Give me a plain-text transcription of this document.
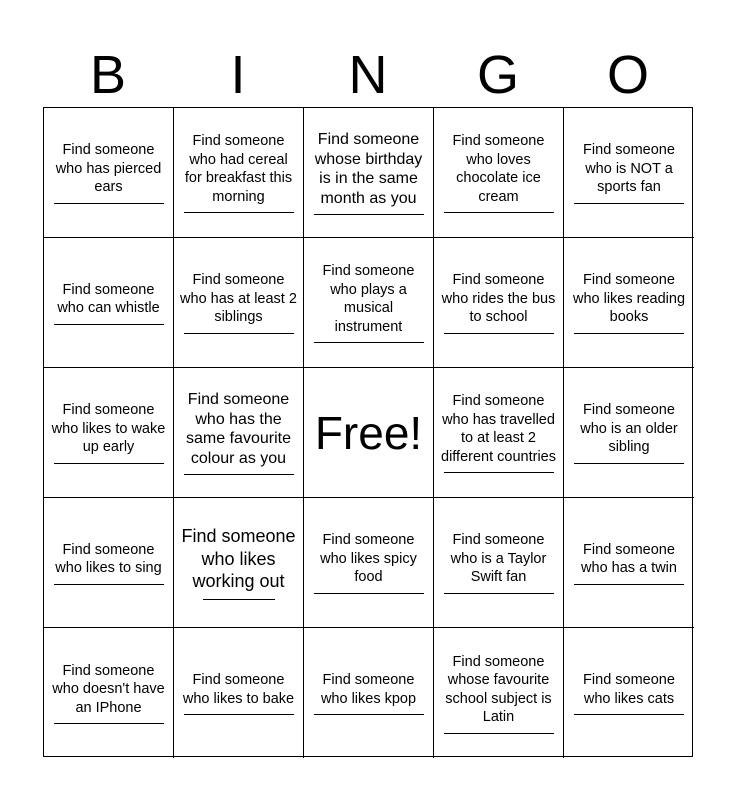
B	I	N	G	O
Find someone who has pierced ears
Find someone who had cereal for breakfast this morning
Find someone whose birthday is in the same month as you
Find someone who loves chocolate ice cream
Find someone who is NOT a sports fan
Find someone who can whistle
Find someone who has at least 2 siblings
Find someone who plays a musical instrument
Find someone who rides the bus to school
Find someone who likes reading books
Find someone who likes to wake up early
Find someone who has the same favourite colour as you Free!
Find someone who has travelled to at least 2 different countries
Find someone who is an older sibling
Find someone who likes to sing
Find someone who likes working out
Find someone who likes spicy food
Find someone who is a Taylor Swift fan
Find someone who has a twin
Find someone who doesn't have an IPhone
Find someone who likes to bake
Find someone who likes kpop
Find someone whose favourite school subject is Latin
Find someone who likes cats
